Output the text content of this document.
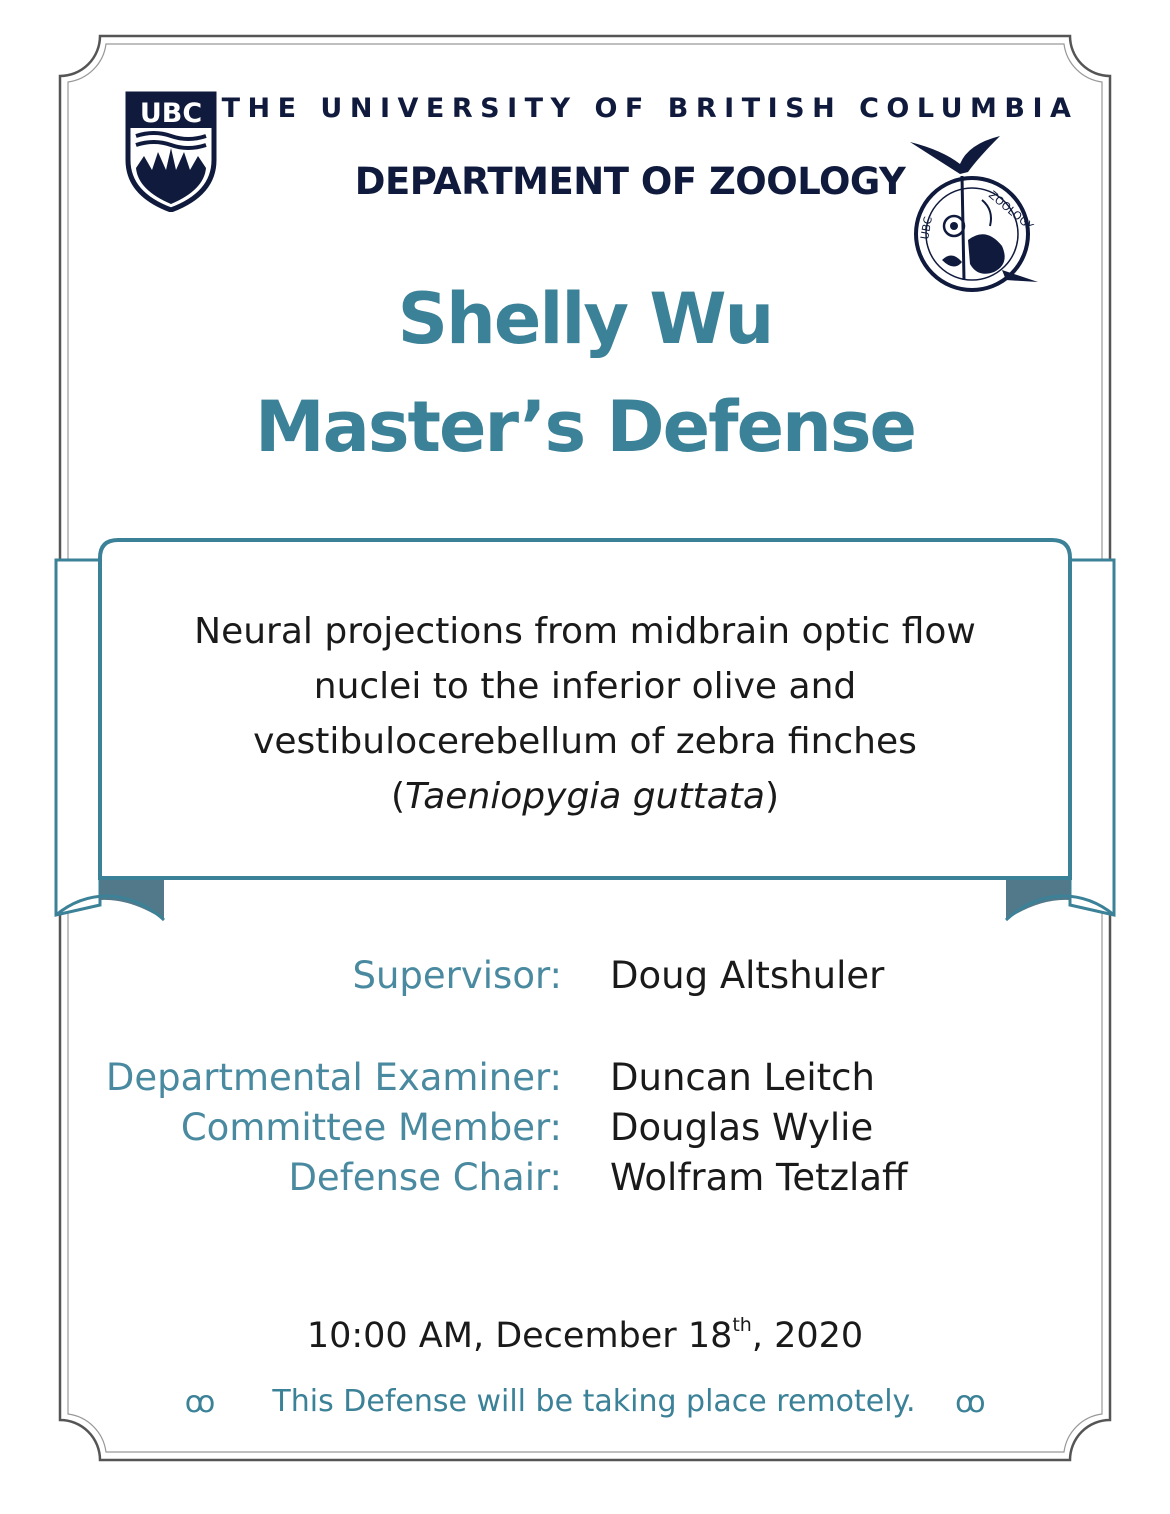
UBC THE UNIVERSITY OF BRITISH COLUMBIA
DEPARTMENT OF ZOOLOGY
ZOOLOGY
UBC
Shelly Wu
Master’s Defense
Neural projections from midbrain optic flow nuclei to the inferior olive and vestibulocerebellum of zebra finches (Taeniopygia guttata)
Supervisor: Doug Altshuler
Departmental Examiner: Duncan Leitch
Committee Member: Douglas Wylie
Defense Chair: Wolfram Tetzlaff
10:00 AM, December 18th, 2020
ꝏ This Defense will be taking place remotely. ꝏ
